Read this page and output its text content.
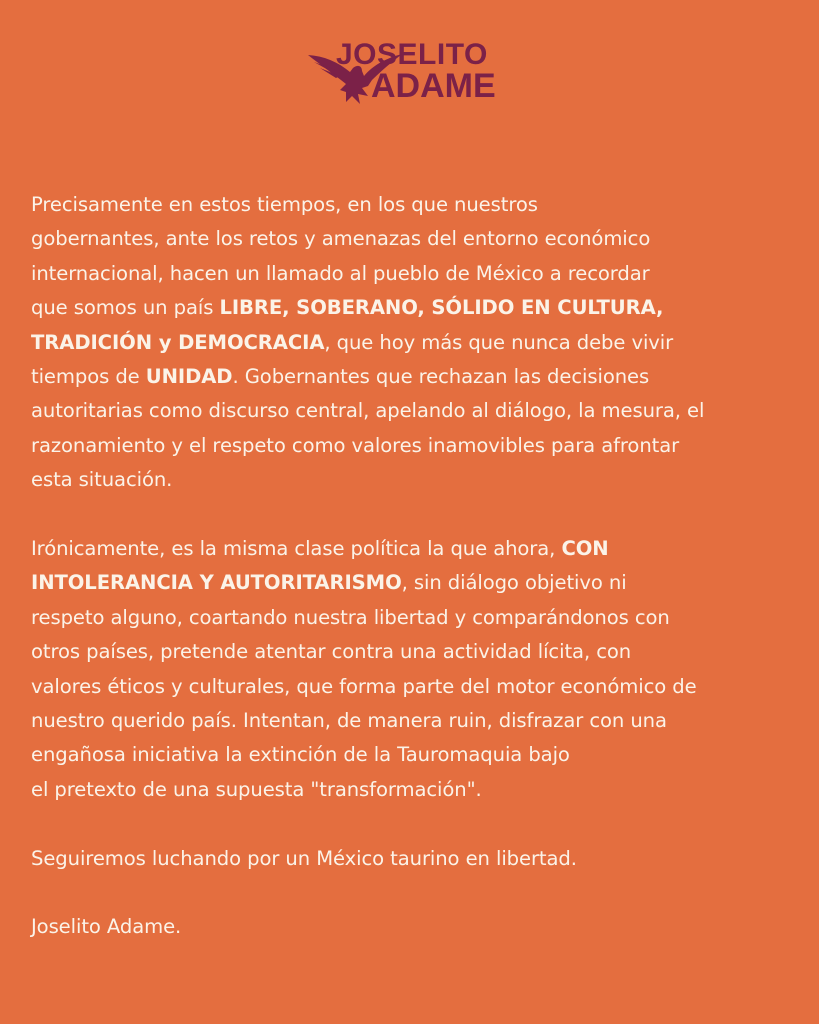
JOSELITO
ADAME

Precisamente en estos tiempos, en los que nuestros

gobernantes, ante los retos y amenazas del entorno económico

internacional, hacen un llamado al pueblo de México a recordar

que somos un país LIBRE, SOBERANO, SÓLIDO EN CULTURA,

TRADICIÓN y DEMOCRACIA, que hoy más que nunca debe vivir

tiempos de UNIDAD. Gobernantes que rechazan las decisiones

autoritarias como discurso central, apelando al diálogo, la mesura, el

razonamiento y el respeto como valores inamovibles para afrontar

esta situación.

Irónicamente, es la misma clase política la que ahora, CON

INTOLERANCIA Y AUTORITARISMO, sin diálogo objetivo ni

respeto alguno, coartando nuestra libertad y comparándonos con

otros países, pretende atentar contra una actividad lícita, con

valores éticos y culturales, que forma parte del motor económico de

nuestro querido país. Intentan, de manera ruin, disfrazar con una

engañosa iniciativa la extinción de la Tauromaquia bajo

el pretexto de una supuesta "transformación".

Seguiremos luchando por un México taurino en libertad.

Joselito Adame.
